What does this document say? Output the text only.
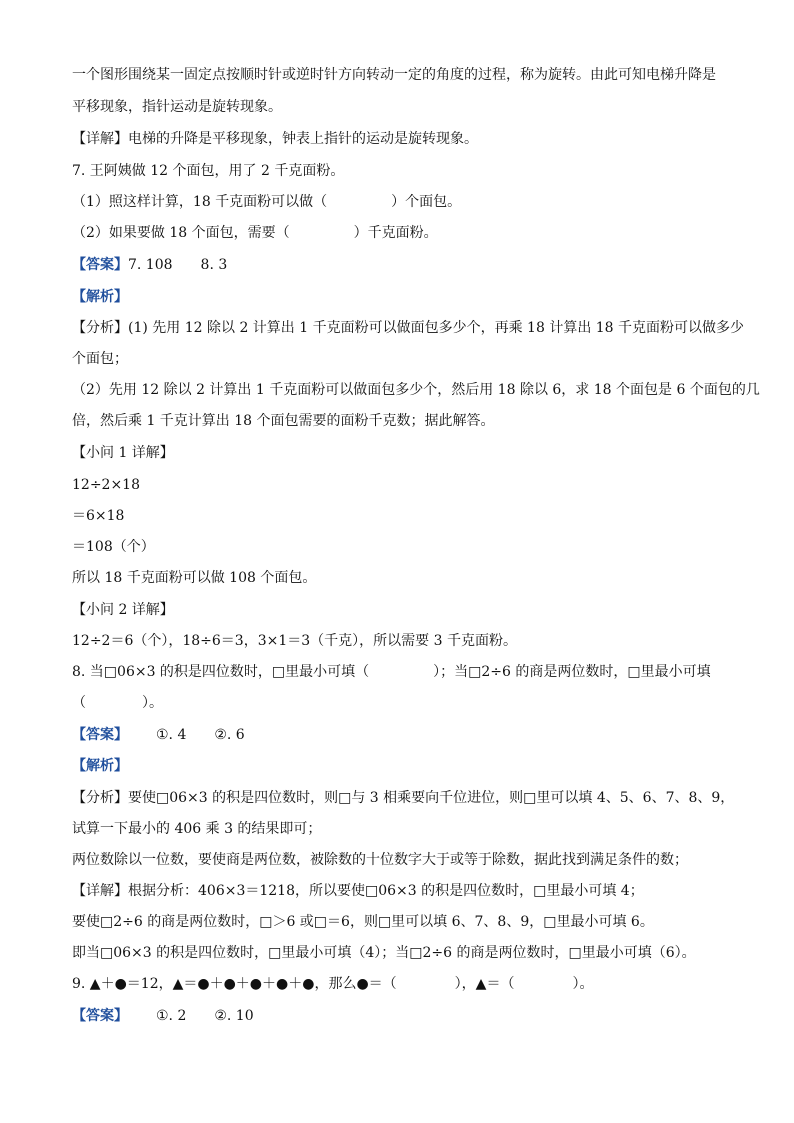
一个图形围绕某一固定点按顺时针或逆时针方向转动一定的角度的过程，称为旋转。由此可知电梯升降是
平移现象，指针运动是旋转现象。
【详解】电梯的升降是平移现象，钟表上指针的运动是旋转现象。
7. 王阿姨做 12 个面包，用了 2 千克面粉。
（1）照这样计算，18 千克面粉可以做（	）个面包。
（2）如果要做 18 个面包，需要（	）千克面粉。
【答案】7. 108 8. 3
【解析】
【分析】(1) 先用 12 除以 2 计算出 1 千克面粉可以做面包多少个，再乘 18 计算出 18 千克面粉可以做多少
个面包；
（2）先用 12 除以 2 计算出 1 千克面粉可以做面包多少个，然后用 18 除以 6，求 18 个面包是 6 个面包的几
倍，然后乘 1 千克计算出 18 个面包需要的面粉千克数；据此解答。
【小问 1 详解】
12÷2×18
＝6×18
＝108（个）
所以 18 千克面粉可以做 108 个面包。
【小问 2 详解】
12÷2＝6（个），18÷6＝3，3×1＝3（千克），所以需要 3 千克面粉。
8. 当□06×3 的积是四位数时，□里最小可填（	）；当□2÷6 的商是两位数时，□里最小可填
（	）。
【答案】 ①. 4 ②. 6
【解析】
【分析】要使□06×3 的积是四位数时，则□与 3 相乘要向千位进位，则□里可以填 4、5、6、7、8、9，
试算一下最小的 406 乘 3 的结果即可；
两位数除以一位数，要使商是两位数，被除数的十位数字大于或等于除数，据此找到满足条件的数；
【详解】根据分析：406×3＝1218，所以要使□06×3 的积是四位数时，□里最小可填 4；
要使□2÷6 的商是两位数时，□＞6 或□＝6，则□里可以填 6、7、8、9，□里最小可填 6。
即当□06×3 的积是四位数时，□里最小可填（4）；当□2÷6 的商是两位数时，□里最小可填（6）。
9. ▲＋●＝12，▲＝●＋●＋●＋●＋●，那么●＝（	），▲＝（	）。
【答案】 ①. 2 ②. 10
